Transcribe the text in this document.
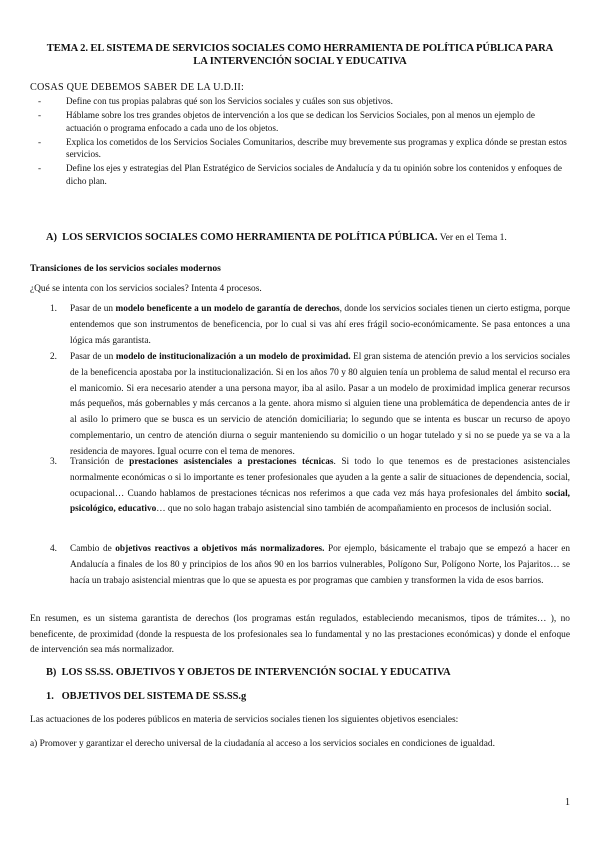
TEMA 2. EL SISTEMA DE SERVICIOS SOCIALES COMO HERRAMIENTA DE POLÍTICA PÚBLICA PARA
LA INTERVENCIÓN SOCIAL Y EDUCATIVA
COSAS QUE DEBEMOS SABER DE LA U.D.II:
- Define con tus propias palabras qué son los Servicios sociales y cuáles son sus objetivos.
- Háblame sobre los tres grandes objetos de intervención a los que se dedican los Servicios Sociales, pon al menos un ejemplo de actuación o programa enfocado a cada uno de los objetos.
- Explica los cometidos de los Servicios Sociales Comunitarios, describe muy brevemente sus programas y explica dónde se prestan estos servicios.
- Define los ejes y estrategias del Plan Estratégico de Servicios sociales de Andalucía y da tu opinión sobre los contenidos y enfoques de dicho plan.
A) LOS SERVICIOS SOCIALES COMO HERRAMIENTA DE POLÍTICA PÚBLICA. Ver en el Tema 1.
Transiciones de los servicios sociales modernos
¿Qué se intenta con los servicios sociales? Intenta 4 procesos.
1.	Pasar de un modelo beneficente a un modelo de garantía de derechos, donde los servicios sociales tienen un cierto estigma, porque entendemos que son instrumentos de beneficencia, por lo cual si vas ahí eres frágil socio-económicamente. Se pasa entonces a una lógica más garantista.
2.	Pasar de un modelo de institucionalización a un modelo de proximidad. El gran sistema de atención previo a los servicios sociales de la beneficencia apostaba por la institucionalización. Si en los años 70 y 80 alguien tenía un problema de salud mental el recurso era el manicomio. Si era necesario atender a una persona mayor, iba al asilo. Pasar a un modelo de proximidad implica generar recursos más pequeños, más gobernables y más cercanos a la gente. ahora mismo si alguien tiene una problemática de dependencia antes de ir al asilo lo primero que se busca es un servicio de atención domiciliaria; lo segundo que se intenta es buscar un recurso de apoyo complementario, un centro de atención diurna o seguir manteniendo su domicilio o un hogar tutelado y si no se puede ya se va a la residencia de mayores. Igual ocurre con el tema de menores.
3.	Transición de prestaciones asistenciales a prestaciones técnicas. Si todo lo que tenemos es de prestaciones asistenciales normalmente económicas o si lo importante es tener profesionales que ayuden a la gente a salir de situaciones de dependencia, social, ocupacional… Cuando hablamos de prestaciones técnicas nos referimos a que cada vez más haya profesionales del ámbito social, psicológico, educativo… que no solo hagan trabajo asistencial sino también de acompañamiento en procesos de inclusión social.
4.	Cambio de objetivos reactivos a objetivos más normalizadores. Por ejemplo, básicamente el trabajo que se empezó a hacer en Andalucía a finales de los 80 y principios de los años 90 en los barrios vulnerables, Polígono Sur, Polígono Norte, los Pajaritos… se hacía un trabajo asistencial mientras que lo que se apuesta es por programas que cambien y transformen la vida de esos barrios.
En resumen, es un sistema garantista de derechos (los programas están regulados, estableciendo mecanismos, tipos de trámites… ), no beneficente, de proximidad (donde la respuesta de los profesionales sea lo fundamental y no las prestaciones económicas) y donde el enfoque de intervención sea más normalizador.
B) LOS SS.SS. OBJETIVOS Y OBJETOS DE INTERVENCIÓN SOCIAL Y EDUCATIVA
1. OBJETIVOS DEL SISTEMA DE SS.SS.g
Las actuaciones de los poderes públicos en materia de servicios sociales tienen los siguientes objetivos esenciales:
a) Promover y garantizar el derecho universal de la ciudadanía al acceso a los servicios sociales en condiciones de igualdad.
1
